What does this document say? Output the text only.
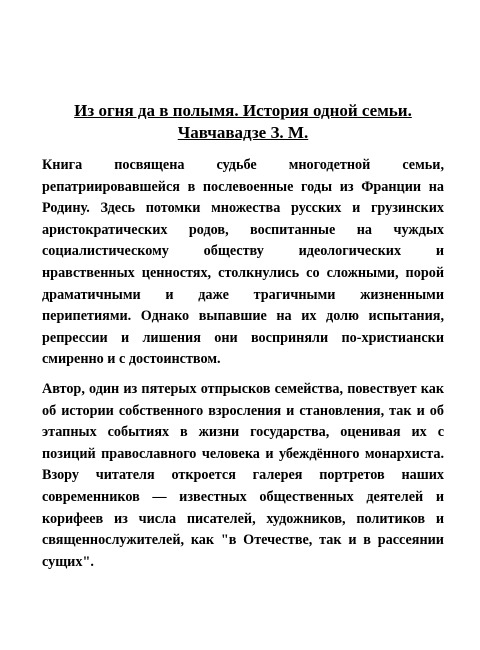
Из огня да в полымя. История одной семьи.
Чавчавадзе З. М.

Книга посвящена судьбе многодетной семьи, репатриировавшейся в послевоенные годы из Франции на Родину. Здесь потомки множества русских и грузинских аристократических родов, воспитанные на чуждых социалистическому обществу идеологических и нравственных ценностях, столкнулись со сложными, порой драматичными и даже трагичными жизненными перипетиями. Однако выпавшие на их долю испытания, репрессии и лишения они восприняли по-христиански смиренно и с достоинством.

Автор, один из пятерых отпрысков семейства, повествует как об истории собственного взросления и становления, так и об этапных событиях в жизни государства, оценивая их с позиций православного человека и убеждённого монархиста. Взору читателя откроется галерея портретов наших современников — известных общественных деятелей и корифеев из числа писателей, художников, политиков и священнослужителей, как "в Отечестве, так и в рассеянии сущих".
